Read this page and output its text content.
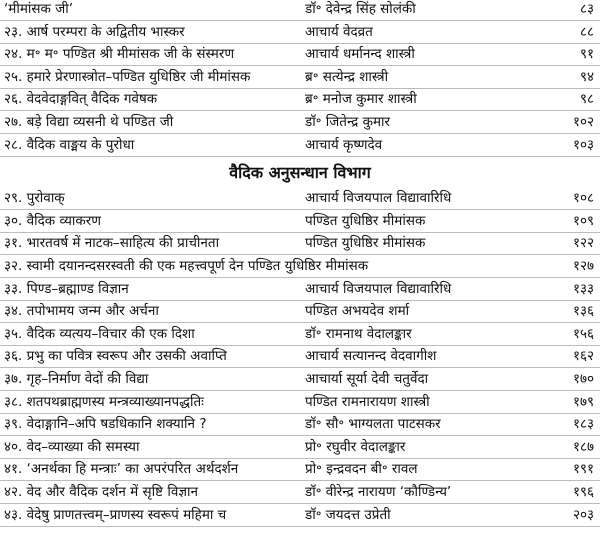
‘मीमांसक जी’	डॉ॰ देवेन्द्र सिंह सोलंकी	८३
२३. आर्ष परम्परा के अद्वितीय भास्कर	आचार्य वेदव्रत	८८
२४. म॰ म॰ पण्डित श्री मीमांसक जी के संस्मरण	आचार्य धर्मानन्द शास्त्री	९१
२५. हमारे प्रेरणास्त्रोत–पण्डित युधिष्ठिर जी मीमांसक	ब्र॰ सत्येन्द्र शास्त्री	९४
२६. वेदवेदाङ्गवित् वैदिक गवेषक	ब्र॰ मनोज कुमार शास्त्री	९८
२७. बड़े विद्या व्यसनी थे पण्डित जी	डॉ॰ जितेन्द्र कुमार	१०२
२८. वैदिक वाङ्मय के पुरोधा	आचार्य कृष्णदेव	१०३
वैदिक अनुसन्धान विभाग
२९. पुरोवाक्	आचार्य विजयपाल विद्यावारिधि	१०८
३०. वैदिक व्याकरण	पण्डित युधिष्ठिर मीमांसक	१०९
३१. भारतवर्ष में नाटक–साहित्य की प्राचीनता	पण्डित युधिष्ठिर मीमांसक	१२२
३२. स्वामी दयानन्दसरस्वती की एक महत्त्वपूर्ण देन पण्डित युधिष्ठिर मीमांसक	१२७
३३. पिण्ड–ब्रह्माण्ड विज्ञान	आचार्य विजयपाल विद्यावारिधि	१३३
३४. तपोभामय जन्म और अर्चना	पण्डित अभयदेव शर्मा	१३६
३५. वैदिक व्यत्यय–विचार की एक दिशा	डॉ॰ रामनाथ वेदालङ्कार	१५६
३६. प्रभु का पवित्र स्वरूप और उसकी अवाप्ति	आचार्य सत्यानन्द वेदवागीश	१६२
३७. गृह–निर्माण वेदों की विद्या	आचार्या सूर्या देवी चतुर्वेदा	१७०
३८. शतपथब्राह्मणस्य मन्त्रव्याख्यानपद्धतिः	पण्डित रामनारायण शास्त्री	१७९
३९. वेदाङ्गानि–अपि षडधिकानि शक्यानि ?	डॉ॰ सौ॰ भाग्यलता पाटसकर	१८३
४०. वेद–व्याख्या की समस्या	प्रो॰ रघुवीर वेदालङ्कार	१८७
४१. ‘अनर्थका हि मन्त्राः’ का अपरंपरित अर्थदर्शन	प्रो॰ इन्द्रवदन बी॰ रावल	१९१
४२. वेद और वैदिक दर्शन में सृष्टि विज्ञान	डॉ॰ वीरेन्द्र नारायण ‘कौण्डिन्य’	१९६
४३. वेदेषु प्राणतत्त्वम्–प्राणस्य स्वरूपं महिमा च	डॉ॰ जयदत्त उप्रेती	२०३
